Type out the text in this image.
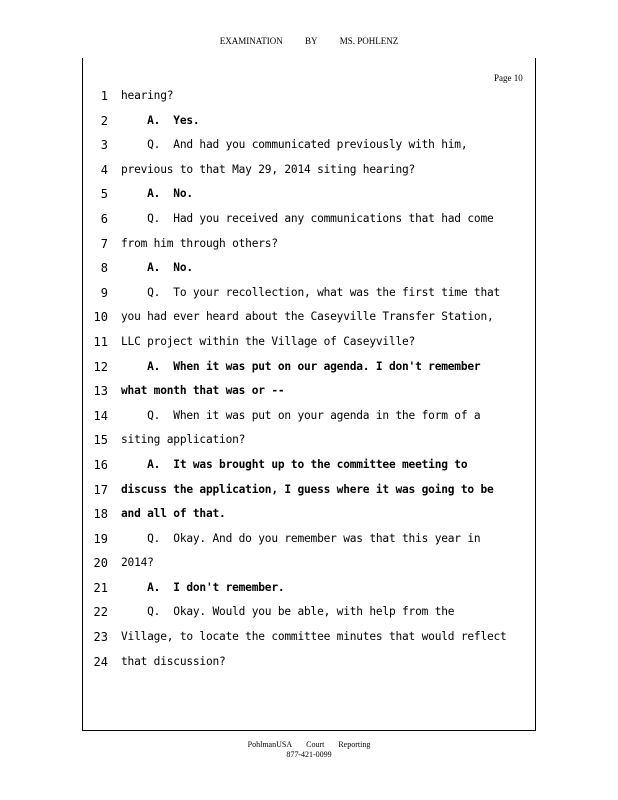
EXAMINATION BY MS. POHLENZ
Page 10
1
2
3
4
5
6
7
8
9
10
11
12
13
14
15
16
17
18
19
20
21
22
23
24
hearing?
A.  Yes.
Q.  And had you communicated previously with him,
previous to that May 29, 2014 siting hearing?
A.  No.
Q.  Had you received any communications that had come
from him through others?
A.  No.
Q.  To your recollection, what was the first time that
you had ever heard about the Caseyville Transfer Station,
LLC project within the Village of Caseyville?
A.  When it was put on our agenda. I don't remember
what month that was or --
Q.  When it was put on your agenda in the form of a
siting application?
A.  It was brought up to the committee meeting to
discuss the application, I guess where it was going to be
and all of that.
Q.  Okay. And do you remember was that this year in
2014?
A.  I don't remember.
Q.  Okay. Would you be able, with help from the
Village, to locate the committee minutes that would reflect
that discussion?
PohlmanUSA Court Reporting
877-421-0099
